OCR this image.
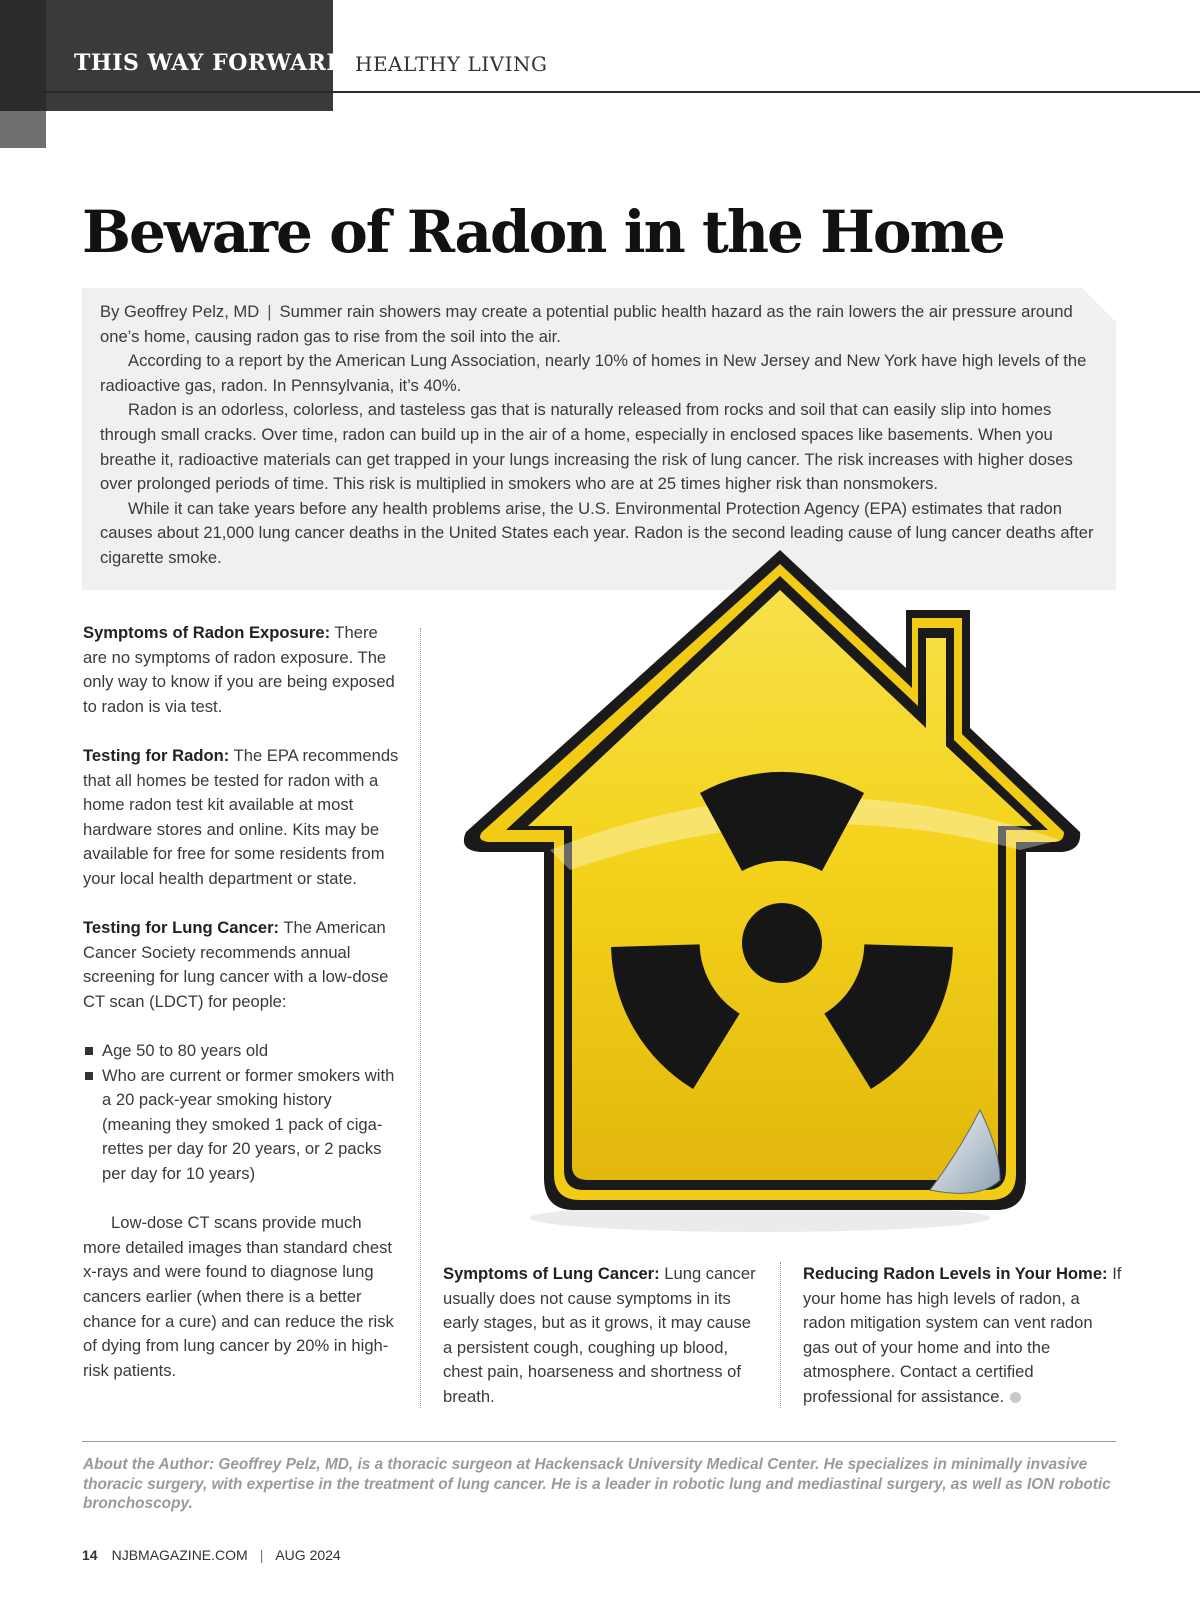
THIS WAY FORWARD HEALTHY LIVING
Beware of Radon in the Home

By Geoffrey Pelz, MD | Summer rain showers may create a potential public health hazard as the rain lowers the air pressure around one’s home, causing radon gas to rise from the soil into the air.

According to a report by the American Lung Association, nearly 10% of homes in New Jersey and New York have high levels of the radioactive gas, radon. In Pennsylvania, it’s 40%.

Radon is an odorless, colorless, and tasteless gas that is naturally released from rocks and soil that can easily slip into homes through small cracks. Over time, radon can build up in the air of a home, especially in enclosed spaces like basements. When you breathe it, radioactive materials can get trapped in your lungs increasing the risk of lung cancer. The risk increases with higher doses over prolonged periods of time. This risk is multiplied in smokers who are at 25 times higher risk than nonsmokers.

While it can take years before any health problems arise, the U.S. Environmental Protection Agency (EPA) estimates that radon causes about 21,000 lung cancer deaths in the United States each year. Radon is the second leading cause of lung cancer deaths after cigarette smoke.

Symptoms of Radon Exposure: There are no symptoms of radon exposure. The only way to know if you are being exposed to radon is via test.

Testing for Radon: The EPA recommends that all homes be tested for radon with a home radon test kit available at most hardware stores and online. Kits may be available for free for some residents from your local health department or state.

Testing for Lung Cancer: The American Cancer Society recommends annual screening for lung cancer with a low-dose CT scan (LDCT) for people:

Age 50 to 80 years old
Who are current or former smokers with a 20 pack-year smoking history (meaning they smoked 1 pack of cigarettes per day for 20 years, or 2 packs per day for 10 years)

Low-dose CT scans provide much more detailed images than standard chest x-rays and were found to diagnose lung cancers earlier (when there is a better chance for a cure) and can reduce the risk of dying from lung cancer by 20% in high-risk patients.

Symptoms of Lung Cancer: Lung cancer usually does not cause symptoms in its early stages, but as it grows, it may cause a persistent cough, coughing up blood, chest pain, hoarseness and shortness of breath.

Reducing Radon Levels in Your Home: If your home has high levels of radon, a radon mitigation system can vent radon gas out of your home and into the atmosphere. Contact a certified professional for assistance.

About the Author: Geoffrey Pelz, MD, is a thoracic surgeon at Hackensack University Medical Center. He specializes in minimally invasive thoracic surgery, with expertise in the treatment of lung cancer. He is a leader in robotic lung and mediastinal surgery, as well as ION robotic bronchoscopy.
14 NJBMAGAZINE.COM | AUG 2024
